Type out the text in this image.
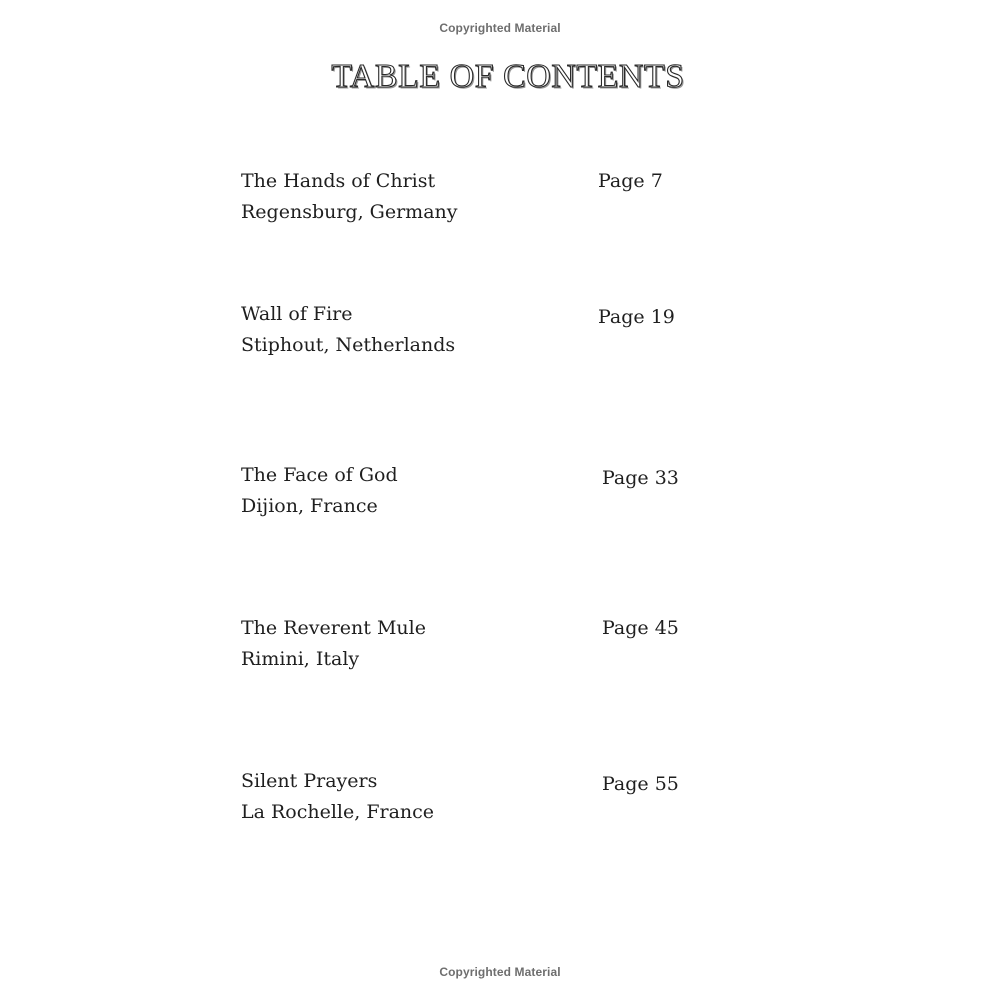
Copyrighted Material
TABLE OF CONTENTS
The Hands of Christ
Regensburg, Germany
Page 7
Wall of Fire
Stiphout, Netherlands
Page 19
The Face of God
Dijion, France
Page 33
The Reverent Mule
Rimini, Italy
Page 45
Silent Prayers
La Rochelle, France
Page 55
Copyrighted Material
